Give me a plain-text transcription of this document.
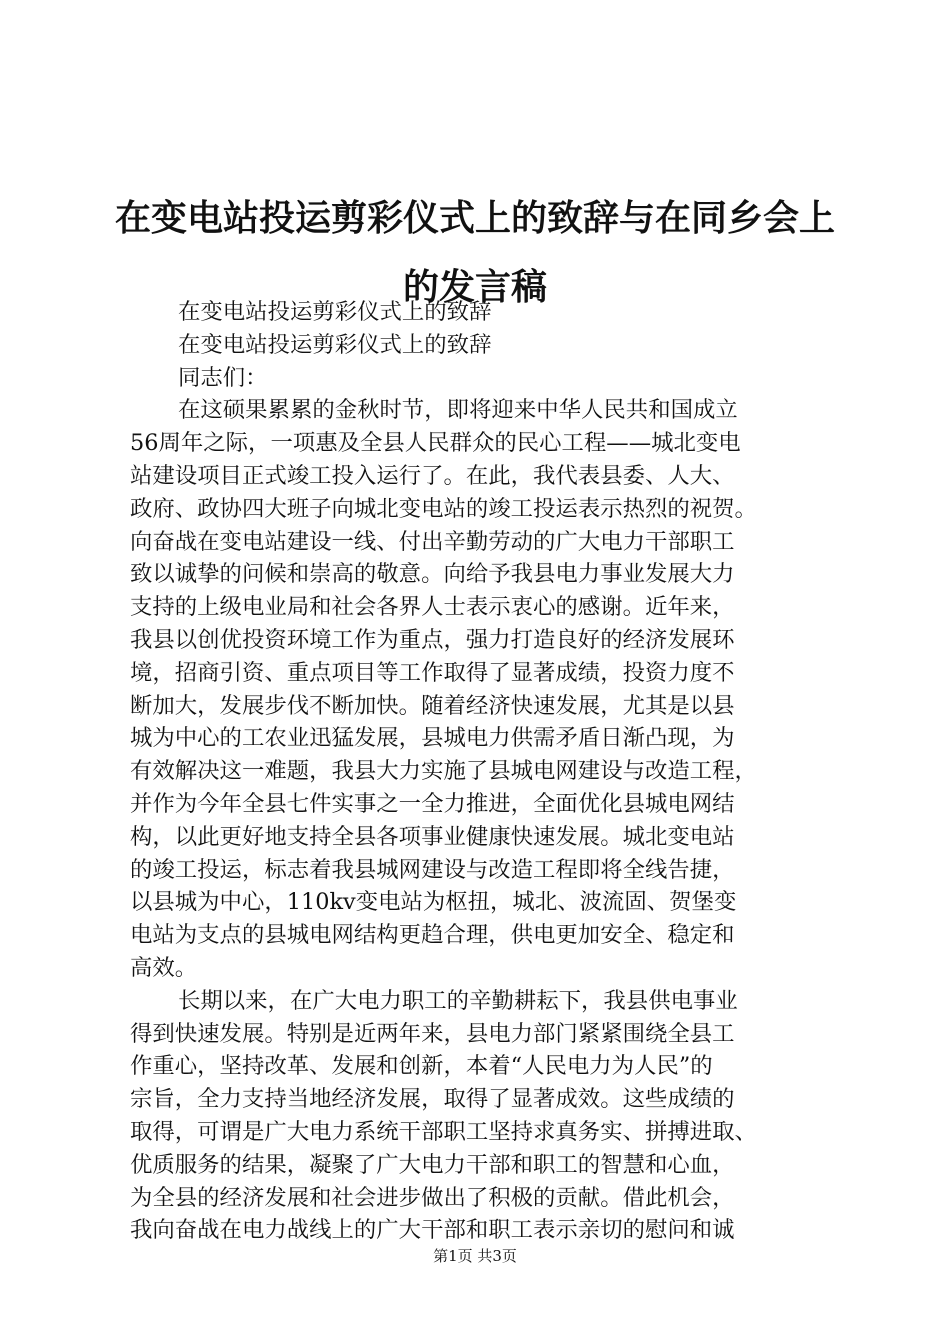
在变电站投运剪彩仪式上的致辞与在同乡会上
的发言稿
在变电站投运剪彩仪式上的致辞
在变电站投运剪彩仪式上的致辞
同志们：
在这硕果累累的金秋时节，即将迎来中华人民共和国成立
56周年之际，一项惠及全县人民群众的民心工程——城北变电
站建设项目正式竣工投入运行了。在此，我代表县委、人大、
政府、政协四大班子向城北变电站的竣工投运表示热烈的祝贺。
向奋战在变电站建设一线、付出辛勤劳动的广大电力干部职工
致以诚挚的问候和崇高的敬意。向给予我县电力事业发展大力
支持的上级电业局和社会各界人士表示衷心的感谢。近年来，
我县以创优投资环境工作为重点，强力打造良好的经济发展环
境，招商引资、重点项目等工作取得了显著成绩，投资力度不
断加大，发展步伐不断加快。随着经济快速发展，尤其是以县
城为中心的工农业迅猛发展，县城电力供需矛盾日渐凸现，为
有效解决这一难题，我县大力实施了县城电网建设与改造工程，
并作为今年全县七件实事之一全力推进，全面优化县城电网结
构，以此更好地支持全县各项事业健康快速发展。城北变电站
的竣工投运，标志着我县城网建设与改造工程即将全线告捷，
以县城为中心，110kv变电站为枢扭，城北、波流固、贺堡变
电站为支点的县城电网结构更趋合理，供电更加安全、稳定和
高效。
长期以来，在广大电力职工的辛勤耕耘下，我县供电事业
得到快速发展。特别是近两年来，县电力部门紧紧围绕全县工
作重心，坚持改革、发展和创新，本着“人民电力为人民”的
宗旨，全力支持当地经济发展，取得了显著成效。这些成绩的
取得，可谓是广大电力系统干部职工坚持求真务实、拼搏进取、
优质服务的结果，凝聚了广大电力干部和职工的智慧和心血，
为全县的经济发展和社会进步做出了积极的贡献。借此机会，
我向奋战在电力战线上的广大干部和职工表示亲切的慰问和诚
第1页 共3页
